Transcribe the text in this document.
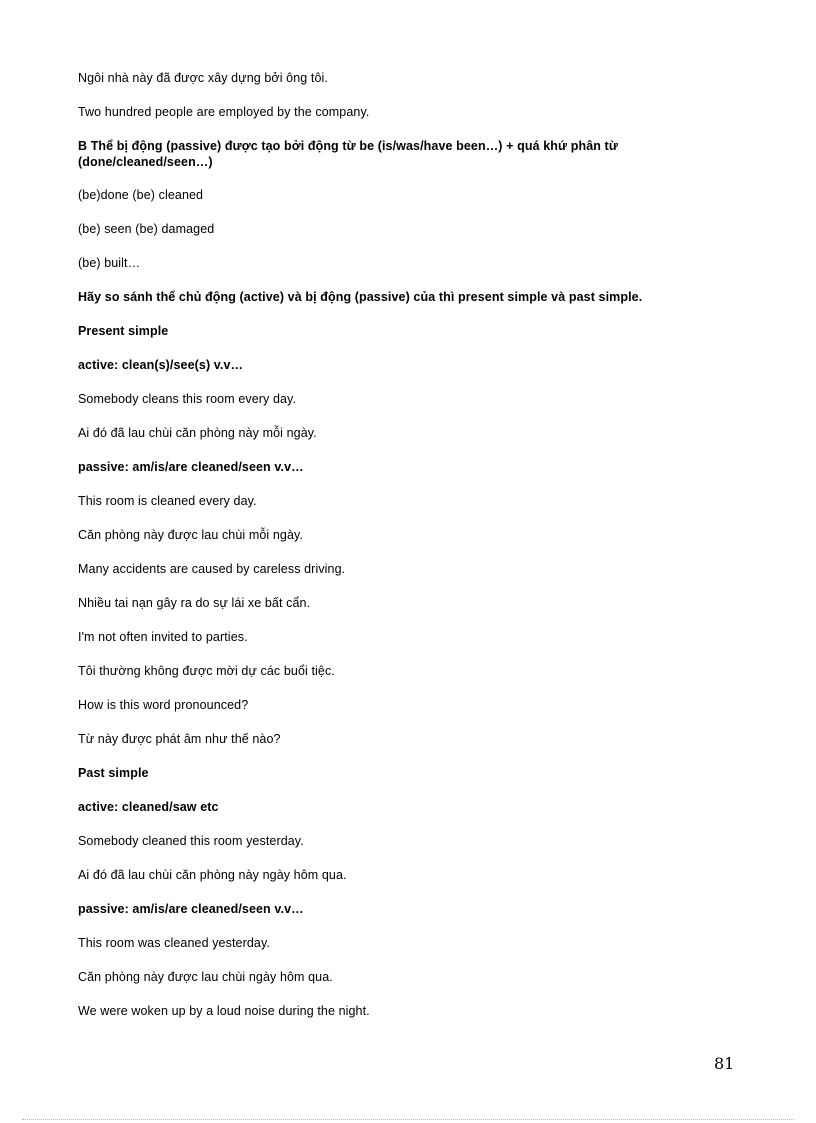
Ngôi nhà này đã được xây dựng bởi ông tôi.
Two hundred people are employed by the company.
B Thể bị động (passive) được tạo bởi động từ be (is/was/have been…) + quá khứ phân từ (done/cleaned/seen…)
(be)done (be) cleaned
(be) seen (be) damaged
(be) built…
Hãy so sánh thể chủ động (active) và bị động (passive) của thì present simple và past simple.
Present simple
active: clean(s)/see(s) v.v…
Somebody cleans this room every day.
Ai đó đã lau chùi căn phòng này mỗi ngày.
passive: am/is/are cleaned/seen v.v…
This room is cleaned every day.
Căn phòng này được lau chùi mỗi ngày.
Many accidents are caused by careless driving.
Nhiều tai nạn gây ra do sự lái xe bất cẩn.
I'm not often invited to parties.
Tôi thường không được mời dự các buổi tiệc.
How is this word pronounced?
Từ này được phát âm như thế nào?
Past simple
active: cleaned/saw etc
Somebody cleaned this room yesterday.
Ai đó đã lau chùi căn phòng này ngày hôm qua.
passive: am/is/are cleaned/seen v.v…
This room was cleaned yesterday.
Căn phòng này được lau chùi ngày hôm qua.
We were woken up by a loud noise during the night.
81
